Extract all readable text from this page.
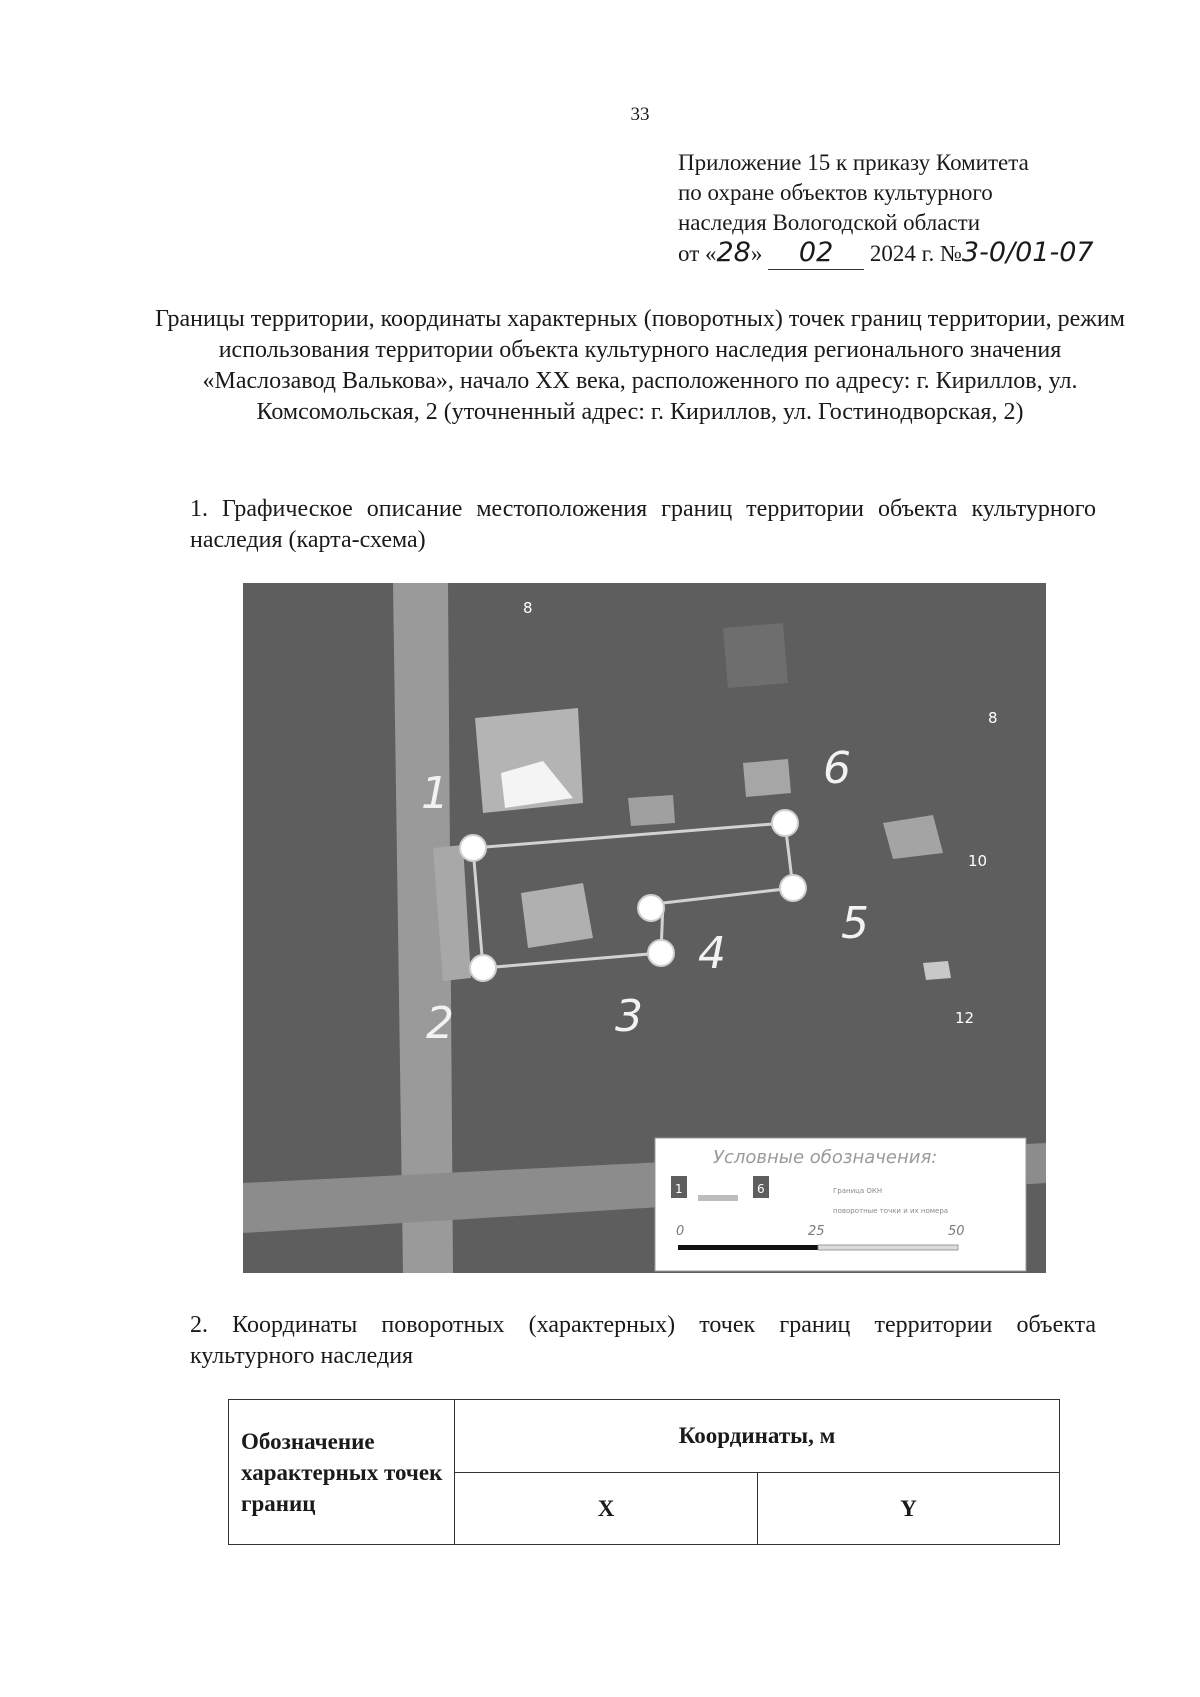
33
Приложение 15 к приказу Комитета
по охране объектов культурного
наследия Вологодской области
от «28» 02 2024 г. №3-0/01-07
Границы территории, координаты характерных (поворотных) точек границ территории, режим использования территории объекта культурного наследия регионального значения «Маслозавод Валькова», начало XX века, расположенного по адресу: г. Кириллов, ул. Комсомольская, 2 (уточненный адрес: г. Кириллов, ул. Гостинодворская, 2)
1. Графическое описание местоположения границ территории объекта культурного наследия (карта-схема)
1
2	3
4
5
6
8
8
10
12
Условные обозначения:
1	6	Граница ОКН
поворотные точки и их номера
0	25	50
2. Координаты поворотных (характерных) точек границ территории объекта культурного наследия
Обозначение характерных точек границ	Координаты, м	
	X	Y
